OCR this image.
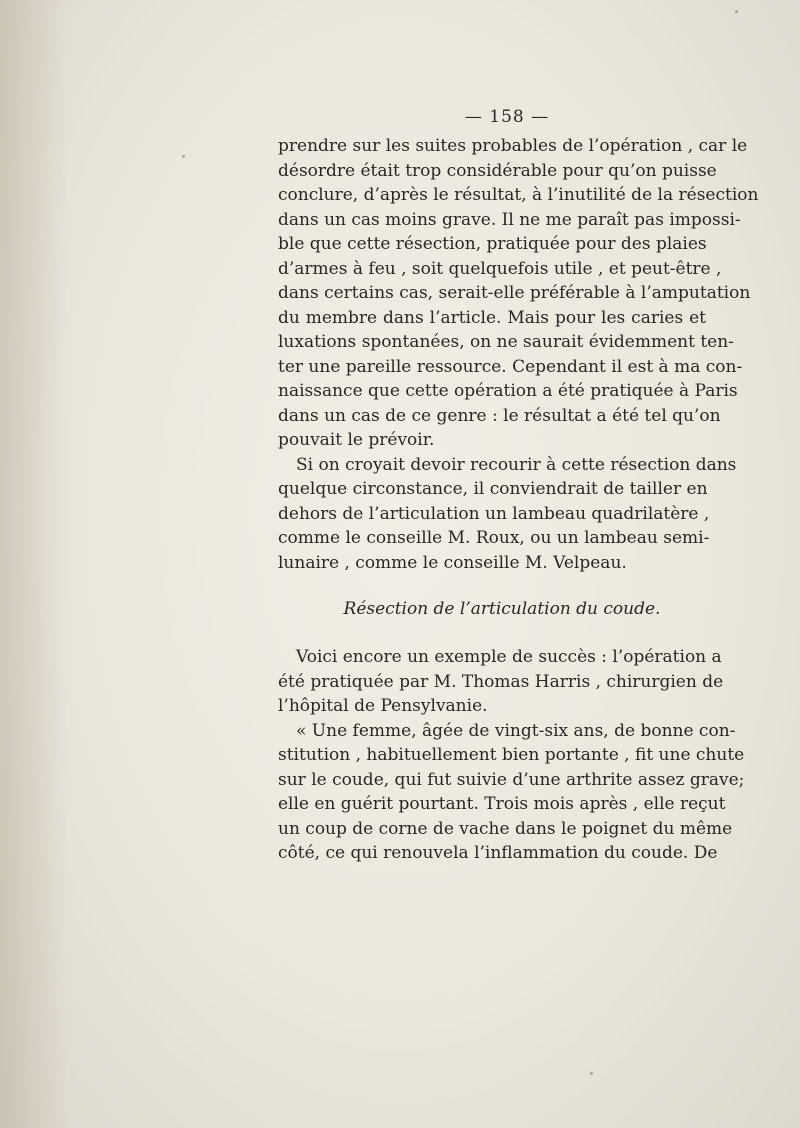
— 158 —
prendre sur les suites probables de l’opération , car le
désordre était trop considérable pour qu’on puisse
conclure, d’après le résultat, à l’inutilité de la résection
dans un cas moins grave. Il ne me paraît pas impossi-
ble que cette résection, pratiquée pour des plaies
d’armes à feu , soit quelquefois utile , et peut-être ,
dans certains cas, serait-elle préférable à l’amputation
du membre dans l’article. Mais pour les caries et
luxations spontanées, on ne saurait évidemment ten-
ter une pareille ressource. Cependant il est à ma con-
naissance que cette opération a été pratiquée à Paris
dans un cas de ce genre : le résultat a été tel qu’on
pouvait le prévoir.
Si on croyait devoir recourir à cette résection dans
quelque circonstance, il conviendrait de tailler en
dehors de l’articulation un lambeau quadrilatère ,
comme le conseille M. Roux, ou un lambeau semi-
lunaire , comme le conseille M. Velpeau.
Résection de l’articulation du coude.
Voici encore un exemple de succès : l’opération a
été pratiquée par M. Thomas Harris , chirurgien de
l’hôpital de Pensylvanie.
« Une femme, âgée de vingt-six ans, de bonne con-
stitution , habituellement bien portante , fit une chute
sur le coude, qui fut suivie d’une arthrite assez grave;
elle en guérit pourtant. Trois mois après , elle reçut
un coup de corne de vache dans le poignet du même
côté, ce qui renouvela l’inflammation du coude. De
